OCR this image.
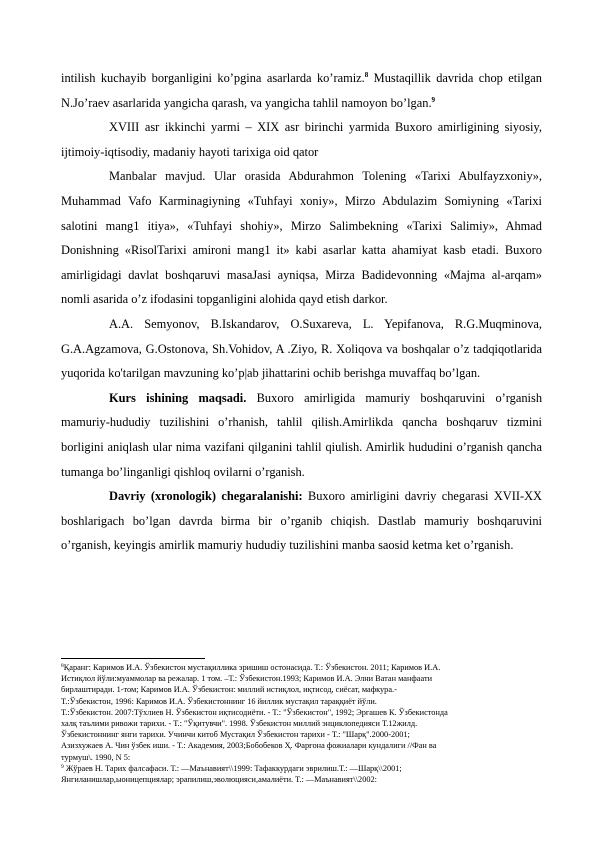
intilish kuchayib borganligini ko’pgina asarlarda ko’ramiz.$^8$ Mustaqillik davrida chop etilgan N.Jo’raev asarlarida yangicha qarash, va yangicha tahlil namoyon bo’lgan.$^9$

XVIII asr ikkinchi yarmi – XIX asr birinchi yarmida Buxoro amirligining siyosiy, ijtimoiy-iqtisodiy, madaniy hayoti tarixiga oid qator

Manbalar mavjud. Ular orasida Abdurahmon Tolening «Tarixi Abulfayzxoniy», Muhammad Vafo Karminagiyning «Tuhfayi xoniy», Mirzo Abdulazim Somiyning «Tarixi salotini mang1 itiya», «Tuhfayi shohiy», Mirzo Salimbekning «Tarixi Salimiy», Ahmad Donishning «RisolTarixi amironi mang1 it» kabi asarlar katta ahamiyat kasb etadi. Buxoro amirligidagi davlat boshqaruvi masaJasi ayniqsa, Mirza Badidevonning «Majma al-arqam» nomli asarida o’z ifodasini topganligini alohida qayd etish darkor.

A.A. Semyonov, B.Iskandarov, O.Suxareva, L. Yepifanova, R.G.Muqminova, G.A.Agzamova, G.Ostonova, Sh.Vohidov, A .Ziyo, R. Xoliqova va boshqalar o’z tadqiqotlarida yuqorida ko'tarilgan mavzuning ko’p|ab jihattarini ochib berishga muvaffaq bo’lgan.

Kurs ishining maqsadi. Buxoro amirligida mamuriy boshqaruvini o’rganish mamuriy-hududiy tuzilishini o’rhanish, tahlil qilish.Amirlikda qancha boshqaruv tizmini borligini aniqlash ular nima vazifani qilganini tahlil qiulish. Amirlik hududini o’rganish qancha tumanga bo’linganligi qishloq ovilarni o’rganish.

Davriy (xronologik) chegaralanishi: Buxoro amirligini davriy chegarasi XVII-XX boshlarigach bo’lgan davrda birma bir o’rganib chiqish. Dastlab mamuriy boshqaruvini o’rganish, keyingis amirlik mamuriy hududiy tuzilishini manba saosid ketma ket o’rganish.

$^8$Қаранг: Каримов И.А. Ўзбекистон мустақиллика эришиш остонасида. Т.: Ўзбекистон. 2011; Каримов И.А.
Истиқлол йўли:муаммолар ва режалар. 1 том. –Т.: Ўзбекистон.1993; Каримов И.А. Элни Ватан манфаати
бирлаштиради. 1-том; Каримов И.А. Ўзбекистон: миллий истиқлол, иқтисод, сиёсат, мафкура.-
Т.:Ўзбекистон, 1996: Каримов И.А. Ўзбекистоннинг 16 йиллик мустақил тараққиёт йўли.
Т.:Ўзбекистон. 2007:Тўхлиев Н. Ўзбекистон иқтисодиёти. - Т.: "Ўзбекистон", 1992; Эргашев К. Ўзбекистонда
халқ таълими ривожи тарихи. - Т.: "Ўқитувчи". 1998. Ўзбекистон миллий энциклопедияси Т.12жилд.
Ўзбекистоннинг янги тарихи. Учинчи китоб Мустақил Ўзбекистон тарихи - Т.: "Шарқ".2000-2001;
Азизхужаев А. Чин ўзбек иши. - Т.: Академия, 2003;Бобобеков Ҳ. Фарғона фожиалари кундалиги //Фан ва
турмуш\. 1990, N 5:
$^9$ Жўраев Н. Тарих фалсафаси. Т.: ―Маънавият\\1999: Тафаккурдаги эврилиш.Т.: ―Шарқ\\2001;
Янгиланишлар,ыоницепциялар; эрапилиш,эволюцияси,амалиёти. Т.: ―Маънавият\\2002:
